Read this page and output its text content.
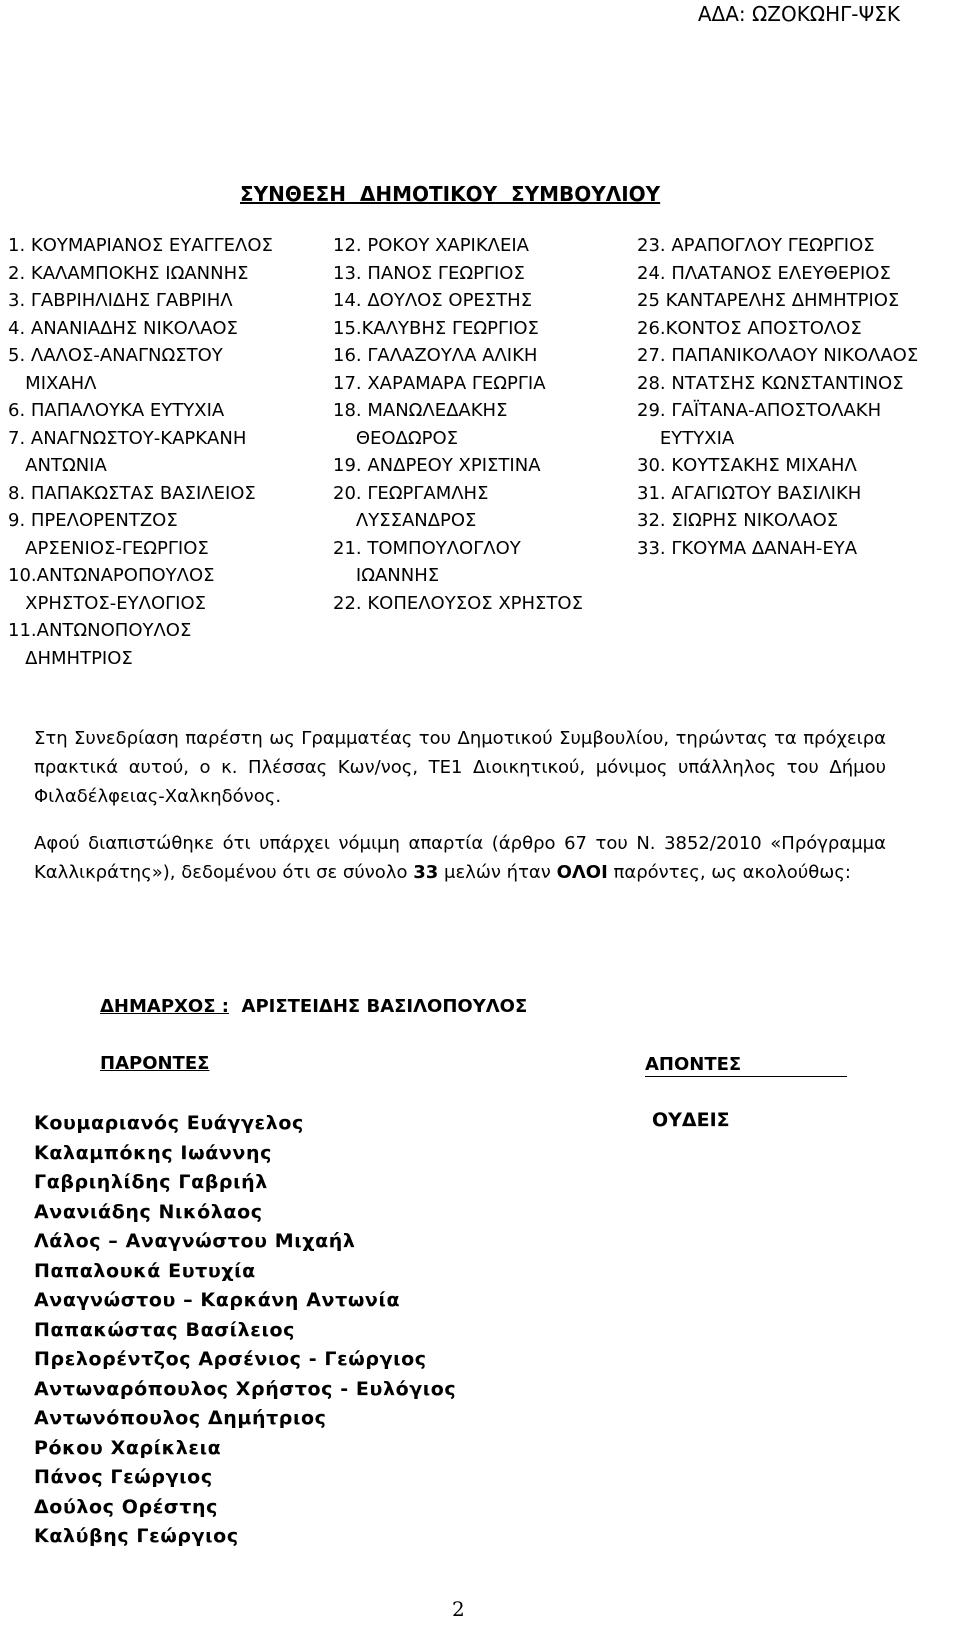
ΑΔΑ: ΩΖΟΚΩΗΓ-ΨΣΚ
ΣΥΝΘΕΣΗ  ΔΗΜΟΤΙΚΟΥ  ΣΥΜΒΟΥΛΙΟΥ
1. ΚΟΥΜΑΡΙΑΝΟΣ ΕΥΑΓΓΕΛΟΣ
2. ΚΑΛΑΜΠΟΚΗΣ ΙΩΑΝΝΗΣ
3. ΓΑΒΡΙΗΛΙΔΗΣ ΓΑΒΡΙΗΛ
4. ΑΝΑΝΙΑΔΗΣ ΝΙΚΟΛΑΟΣ
5. ΛΑΛΟΣ-ΑΝΑΓΝΩΣΤΟΥ
ΜΙΧΑΗΛ
6. ΠΑΠΑΛΟΥΚΑ ΕΥΤΥΧΙΑ
7. ΑΝΑΓΝΩΣΤΟΥ-ΚΑΡΚΑΝΗ
ΑΝΤΩΝΙΑ
8. ΠΑΠΑΚΩΣΤΑΣ ΒΑΣΙΛΕΙΟΣ
9. ΠΡΕΛΟΡΕΝΤΖΟΣ
ΑΡΣΕΝΙΟΣ-ΓΕΩΡΓΙΟΣ
10.ΑΝΤΩΝΑΡΟΠΟΥΛΟΣ
ΧΡΗΣΤΟΣ-ΕΥΛΟΓΙΟΣ
11.ΑΝΤΩΝΟΠΟΥΛΟΣ
ΔΗΜΗΤΡΙΟΣ
12. ΡΟΚΟΥ ΧΑΡΙΚΛΕΙΑ
13. ΠΑΝΟΣ ΓΕΩΡΓΙΟΣ
14. ΔΟΥΛΟΣ ΟΡΕΣΤΗΣ
15.ΚΑΛΥΒΗΣ ΓΕΩΡΓΙΟΣ
16. ΓΑΛΑΖΟΥΛΑ ΑΛΙΚΗ
17. ΧΑΡΑΜΑΡΑ ΓΕΩΡΓΙΑ
18. ΜΑΝΩΛΕΔΑΚΗΣ
ΘΕΟΔΩΡΟΣ
19. ΑΝΔΡΕΟΥ ΧΡΙΣΤΙΝΑ
20. ΓΕΩΡΓΑΜΛΗΣ
ΛΥΣΣΑΝΔΡΟΣ
21. ΤΟΜΠΟΥΛΟΓΛΟΥ
ΙΩΑΝΝΗΣ
22. ΚΟΠΕΛΟΥΣΟΣ ΧΡΗΣΤΟΣ
23. ΑΡΑΠΟΓΛΟΥ ΓΕΩΡΓΙΟΣ
24. ΠΛΑΤΑΝΟΣ ΕΛΕΥΘΕΡΙΟΣ
25 ΚΑΝΤΑΡΕΛΗΣ ΔΗΜΗΤΡΙΟΣ
26.ΚΟΝΤΟΣ ΑΠΟΣΤΟΛΟΣ
27. ΠΑΠΑΝΙΚΟΛΑΟΥ ΝΙΚΟΛΑΟΣ
28. ΝΤΑΤΣΗΣ ΚΩΝΣΤΑΝΤΙΝΟΣ
29. ΓΑΪΤΑΝΑ-ΑΠΟΣΤΟΛΑΚΗ
ΕΥΤΥΧΙΑ
30. ΚΟΥΤΣΑΚΗΣ ΜΙΧΑΗΛ
31. ΑΓΑΓΙΩΤΟΥ ΒΑΣΙΛΙΚΗ
32. ΣΙΩΡΗΣ ΝΙΚΟΛΑΟΣ
33. ΓΚΟΥΜΑ ΔΑΝΑΗ-ΕΥΑ
Στη Συνεδρίαση παρέστη ως Γραμματέας του Δημοτικού Συμβουλίου, τηρώντας τα πρόχειρα πρακτικά αυτού, ο κ. Πλέσσας Κων/νος, ΤΕ1 Διοικητικού, μόνιμος υπάλληλος του Δήμου Φιλαδέλφειας-Χαλκηδόνος.
Αφού διαπιστώθηκε ότι υπάρχει νόμιμη απαρτία (άρθρο 67 του Ν. 3852/2010 «Πρόγραμμα Καλλικράτης»), δεδομένου ότι σε σύνολο 33 μελών ήταν ΟΛΟΙ παρόντες, ως ακολούθως:
ΔΗΜΑΡΧΟΣ : ΑΡΙΣΤΕΙΔΗΣ ΒΑΣΙΛΟΠΟΥΛΟΣ
ΠΑΡΟΝΤΕΣ	ΑΠΟΝΤΕΣ
Κουμαριανός Ευάγγελος
Καλαμπόκης Ιωάννης
Γαβριηλίδης Γαβριήλ
Ανανιάδης Νικόλαος
Λάλος – Αναγνώστου Μιχαήλ
Παπαλουκά Ευτυχία
Αναγνώστου – Καρκάνη Αντωνία
Παπακώστας Βασίλειος
Πρελορέντζος Αρσένιος - Γεώργιος
Αντωναρόπουλος Χρήστος - Ευλόγιος
Αντωνόπουλος Δημήτριος
Ρόκου Χαρίκλεια
Πάνος Γεώργιος
Δούλος Ορέστης
Καλύβης Γεώργιος
ΟΥΔΕΙΣ
2
